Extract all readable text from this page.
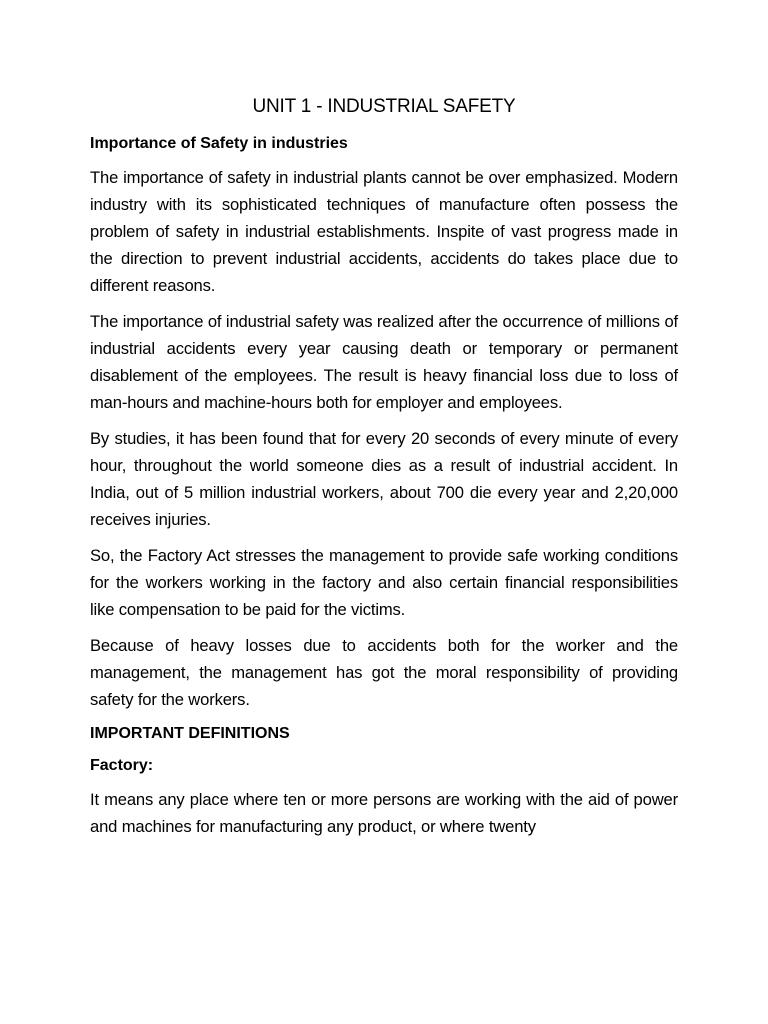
UNIT 1 - INDUSTRIAL SAFETY
Importance of Safety in industries

The importance of safety in industrial plants cannot be over emphasized. Modern industry with its sophisticated techniques of manufacture often possess the problem of safety in industrial establishments. Inspite of vast progress made in the direction to prevent industrial accidents, accidents do takes place due to different reasons.

The importance of industrial safety was realized after the occurrence of millions of industrial accidents every year causing death or temporary or permanent disablement of the employees. The result is heavy financial loss due to loss of man-hours and machine-hours both for employer and employees.

By studies, it has been found that for every 20 seconds of every minute of every hour, throughout the world someone dies as a result of industrial accident. In India, out of 5 million industrial workers, about 700 die every year and 2,20,000 receives injuries.

So, the Factory Act stresses the management to provide safe working conditions for the workers working in the factory and also certain financial responsibilities like compensation to be paid for the victims.

Because of heavy losses due to accidents both for the worker and the management, the management has got the moral responsibility of providing safety for the workers.

IMPORTANT DEFINITIONS
Factory:

It means any place where ten or more persons are working with the aid of power and machines for manufacturing any product, or where twenty
